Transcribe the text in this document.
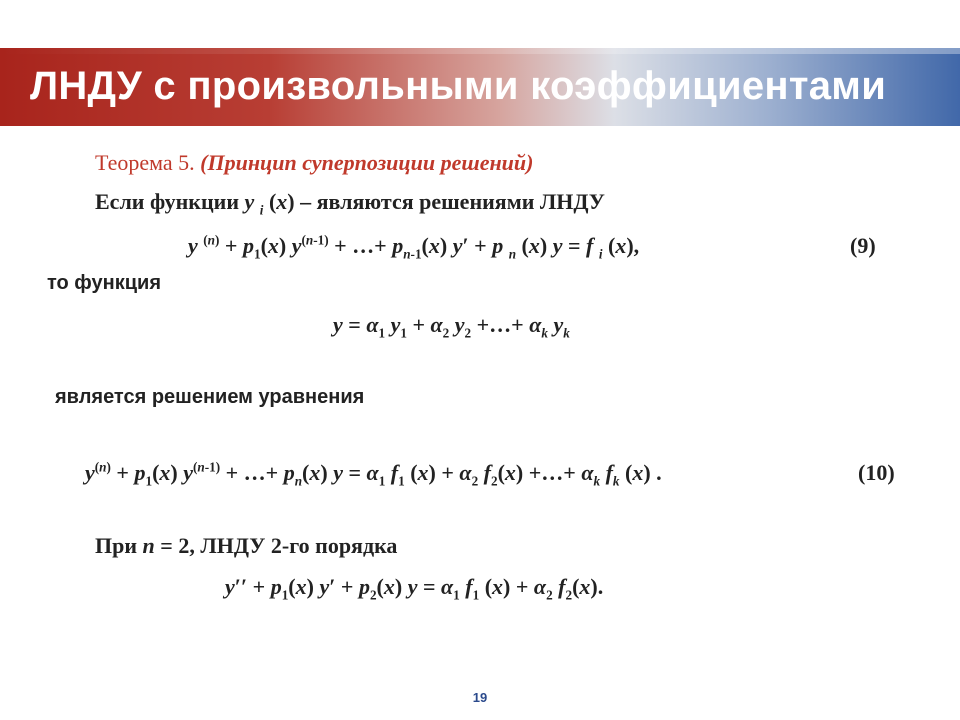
ЛНДУ с произвольными коэффициентами
Теорема 5. (Принцип суперпозиции решений)
Если функции y $_i$ (x) – являются решениями ЛНДУ
y $^{(n)} + p_1(x) y^{(n-1)}$ + …+ $p_{n-1}(x) y' + p$ $_n$ (x) y = f $_i$ (x),	(9)
то функция
$y = \alpha_1$ $y_1 + \alpha_2$ $y_2$ +…+ $\alpha_k$ $y_k$
является решением уравнения
$y^{(n)} + p_1(x) y^{(n-1)}$ + …+ $p_n(x) y = \alpha_1$ $f_1$ $(x) + \alpha_2$ $f_2(x)$ +…+ $\alpha_k$ $f_k$ (x) .	(10)
При n = 2, ЛНДУ 2-го порядка
$y'' + p_1(x) y' + p_2(x) y = \alpha_1$ $f_1$ $(x) + \alpha_2$ $f_2(x)$.
19
